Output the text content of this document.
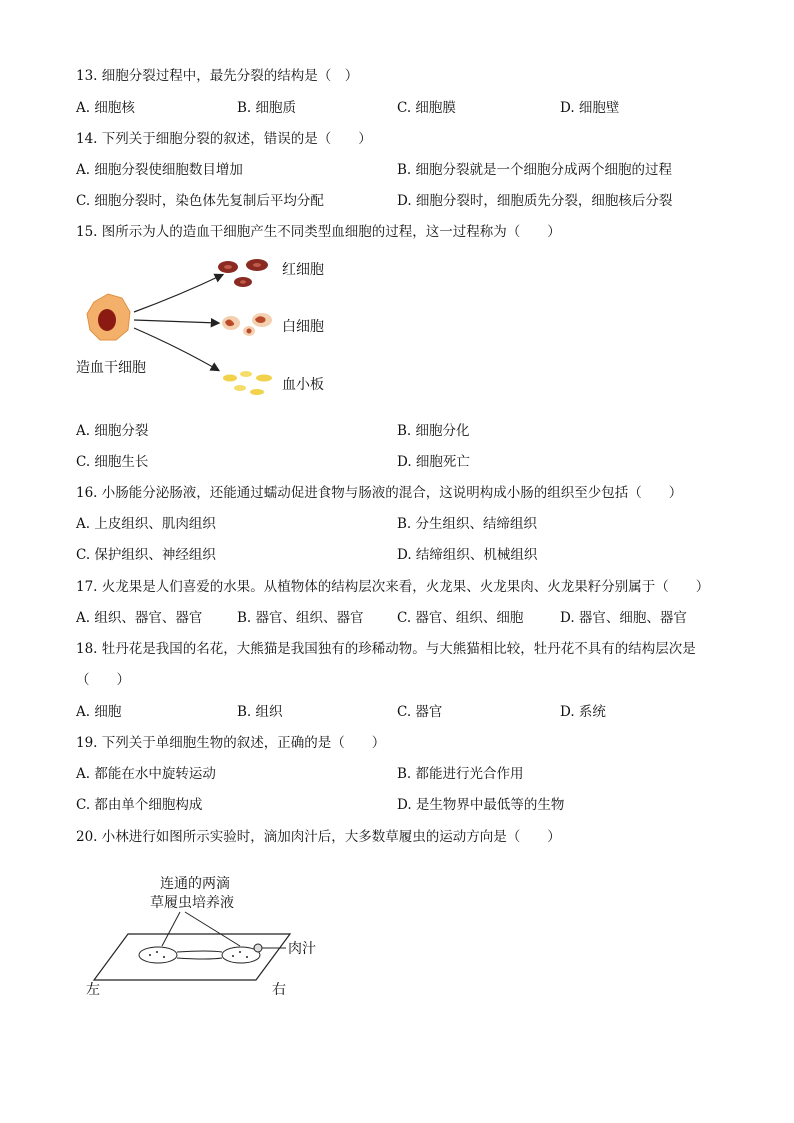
13. 细胞分裂过程中，最先分裂的结构是（　）
A. 细胞核	B. 细胞质	C. 细胞膜	D. 细胞壁
14. 下列关于细胞分裂的叙述，错误的是（　　）
A. 细胞分裂使细胞数目增加	B. 细胞分裂就是一个细胞分成两个细胞的过程
C. 细胞分裂时，染色体先复制后平均分配	D. 细胞分裂时，细胞质先分裂，细胞核后分裂
15. 图所示为人的造血干细胞产生不同类型血细胞的过程，这一过程称为（　　）
造血干细胞
红细胞
白细胞
血小板
A. 细胞分裂	B. 细胞分化
C. 细胞生长	D. 细胞死亡
16. 小肠能分泌肠液，还能通过蠕动促进食物与肠液的混合，这说明构成小肠的组织至少包括（　　）
A. 上皮组织、肌肉组织	B. 分生组织、结缔组织
C. 保护组织、神经组织	D. 结缔组织、机械组织
17. 火龙果是人们喜爱的水果。从植物体的结构层次来看，火龙果、火龙果肉、火龙果籽分别属于（　　）
A. 组织、器官、器官	B. 器官、组织、器官 C. 器官、组织、细胞	D. 器官、细胞、器官
18. 牡丹花是我国的名花，大熊猫是我国独有的珍稀动物。与大熊猫相比较，牡丹花不具有的结构层次是
（　　）
A. 细胞	B. 组织	C. 器官	D. 系统
19. 下列关于单细胞生物的叙述，正确的是（　　）
A. 都能在水中旋转运动	B. 都能进行光合作用
C. 都由单个细胞构成	D. 是生物界中最低等的生物
20. 小林进行如图所示实验时，滴加肉汁后，大多数草履虫的运动方向是（　　）
连通的两滴
草履虫培养液
肉汁
左	右
